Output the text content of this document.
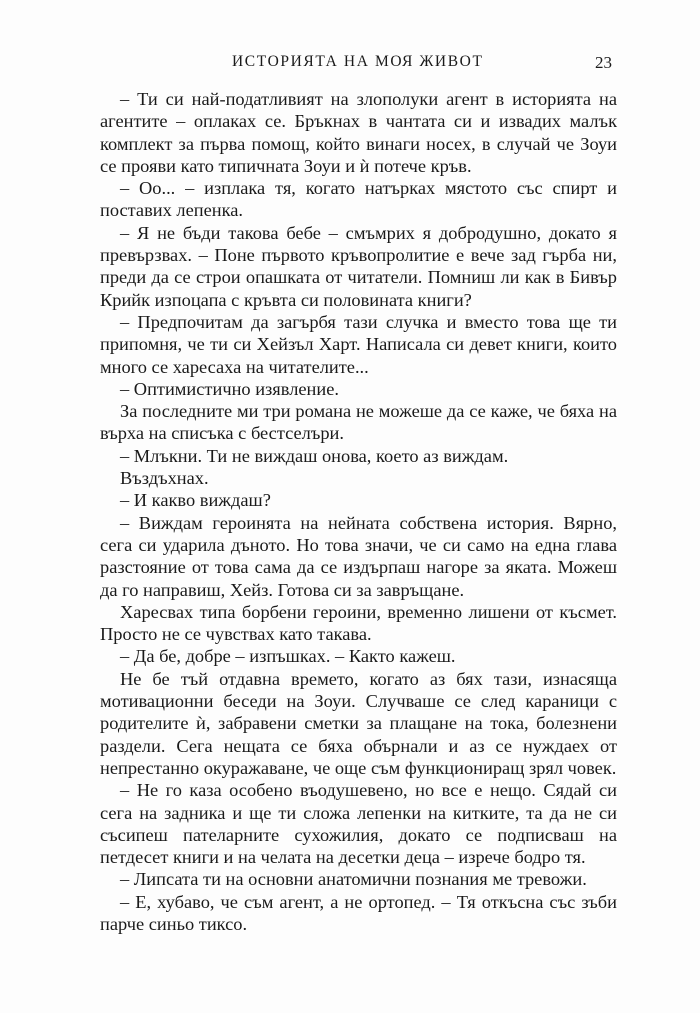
ИСТОРИЯТА НА МОЯ ЖИВОТ	23

– Ти си най-податливият на злополуки агент в историята на агентите – оплаках се. Бръкнах в чантата си и извадих малък комплект за първа помощ, който винаги носех, в случай че Зоуи се прояви като типичната Зоуи и ѝ потече кръв.

– Оо... – изплака тя, когато натърках мястото със спирт и поставих лепенка.

– Я не бъди такова бебе – смъмрих я добродушно, докато я превързвах. – Поне първото кръвопролитие е вече зад гърба ни, преди да се строи опашката от читатели. Помниш ли как в Бивър Крийк изпоцапа с кръвта си половината книги?

– Предпочитам да загърбя тази случка и вместо това ще ти припомня, че ти си Хейзъл Харт. Написала си девет книги, които много се харесаха на читателите...

– Оптимистично изявление.

За последните ми три романа не можеше да се каже, че бяха на върха на списъка с бестселъри.

– Млъкни. Ти не виждаш онова, което аз виждам.

Въздъхнах.

– И какво виждаш?

– Виждам героинята на нейната собствена история. Вярно, сега си ударила дъното. Но това значи, че си само на една глава разстояние от това сама да се издърпаш нагоре за яката. Можеш да го направиш, Хейз. Готова си за завръщане.

Харесвах типа борбени героини, временно лишени от късмет. Просто не се чувствах като такава.

– Да бе, добре – изпъшках. – Както кажеш.

Не бе тъй отдавна времето, когато аз бях тази, изнасяща мотивационни беседи на Зоуи. Случваше се след караници с родителите ѝ, забравени сметки за плащане на тока, болезнени раздели. Сега нещата се бяха обърнали и аз се нуждаех от непрестанно окуражаване, че още съм функциониращ зрял човек.

– Не го каза особено въодушевено, но все е нещо. Сядай си сега на задника и ще ти сложа лепенки на китките, та да не си съсипеш пателарните сухожилия, докато се подписваш на петдесет книги и на челата на десетки деца – изрече бодро тя.

– Липсата ти на основни анатомични познания ме тревожи.

– Е, хубаво, че съм агент, а не ортопед. – Тя откъсна със зъби парче синьо тиксо.
